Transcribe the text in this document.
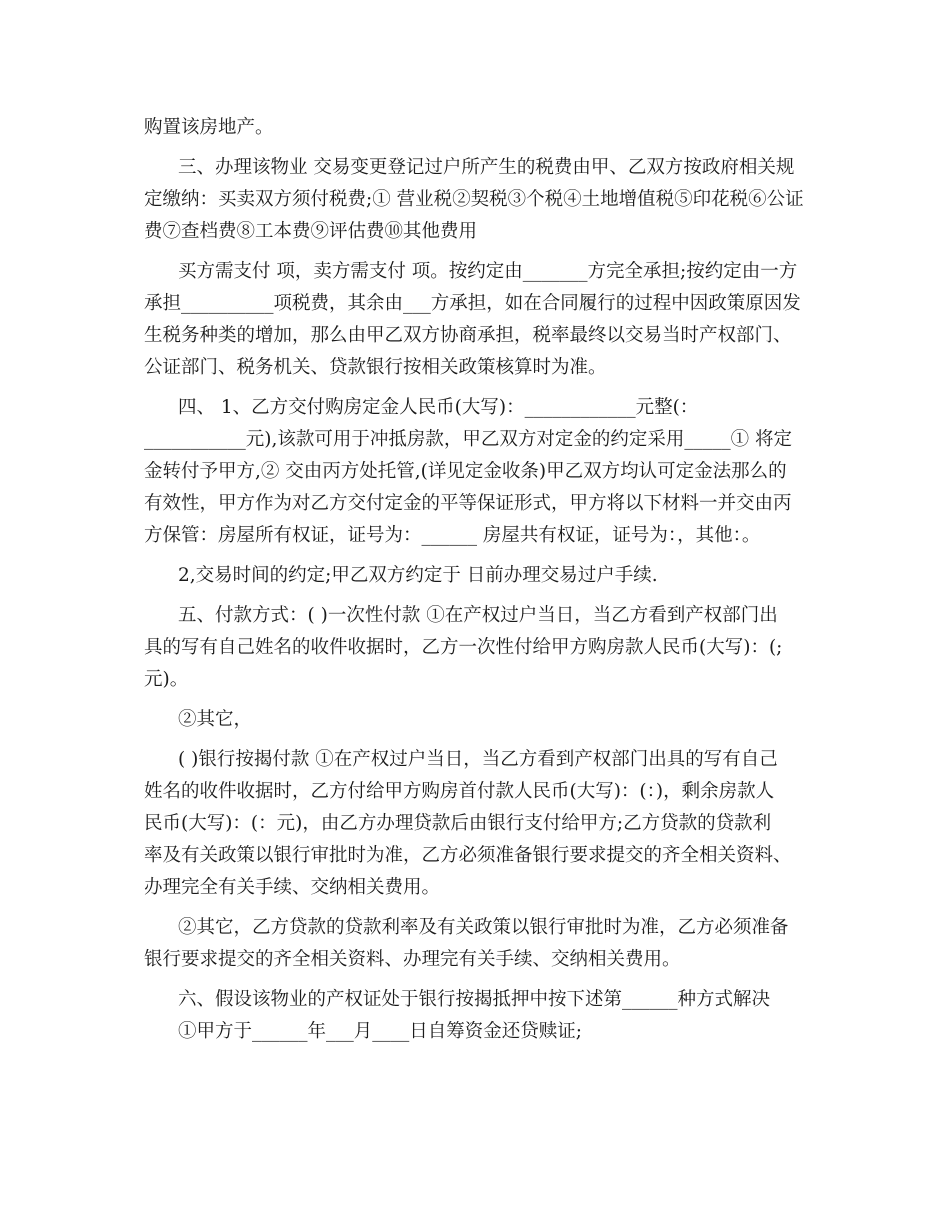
购置该房地产。
三、办理该物业 交易变更登记过户所产生的税费由甲、乙双方按政府相关规
定缴纳：买卖双方须付税费;① 营业税②契税③个税④土地增值税⑤印花税⑥公证
费⑦查档费⑧工本费⑨评估费⑩其他费用
买方需支付 项，卖方需支付 项。按约定由_______方完全承担;按约定由一方
承担__________项税费，其余由___方承担，如在合同履行的过程中因政策原因发
生税务种类的增加，那么由甲乙双方协商承担，税率最终以交易当时产权部门、
公证部门、税务机关、贷款银行按相关政策核算时为准。
四、 1、乙方交付购房定金人民币(大写)：____________元整(：
___________元),该款可用于冲抵房款，甲乙双方对定金的约定采用_____① 将定
金转付予甲方,② 交由丙方处托管,(详见定金收条)甲乙双方均认可定金法那么的
有效性，甲方作为对乙方交付定金的平等保证形式，甲方将以下材料一并交由丙
方保管：房屋所有权证，证号为：______ 房屋共有权证，证号为：，其他：。
2,交易时间的约定;甲乙双方约定于 日前办理交易过户手续.
五、付款方式：( )一次性付款 ①在产权过户当日，当乙方看到产权部门出
具的写有自己姓名的收件收据时，乙方一次性付给甲方购房款人民币(大写)：(;
元)。
②其它，
( )银行按揭付款 ①在产权过户当日，当乙方看到产权部门出具的写有自己
姓名的收件收据时，乙方付给甲方购房首付款人民币(大写)：(：)，剩余房款人
民币(大写)：(：元)，由乙方办理贷款后由银行支付给甲方;乙方贷款的贷款利
率及有关政策以银行审批时为准，乙方必须准备银行要求提交的齐全相关资料、
办理完全有关手续、交纳相关费用。
②其它，乙方贷款的贷款利率及有关政策以银行审批时为准，乙方必须准备
银行要求提交的齐全相关资料、办理完有关手续、交纳相关费用。
六、假设该物业的产权证处于银行按揭抵押中按下述第______种方式解决
①甲方于______年___月____日自筹资金还贷赎证;
